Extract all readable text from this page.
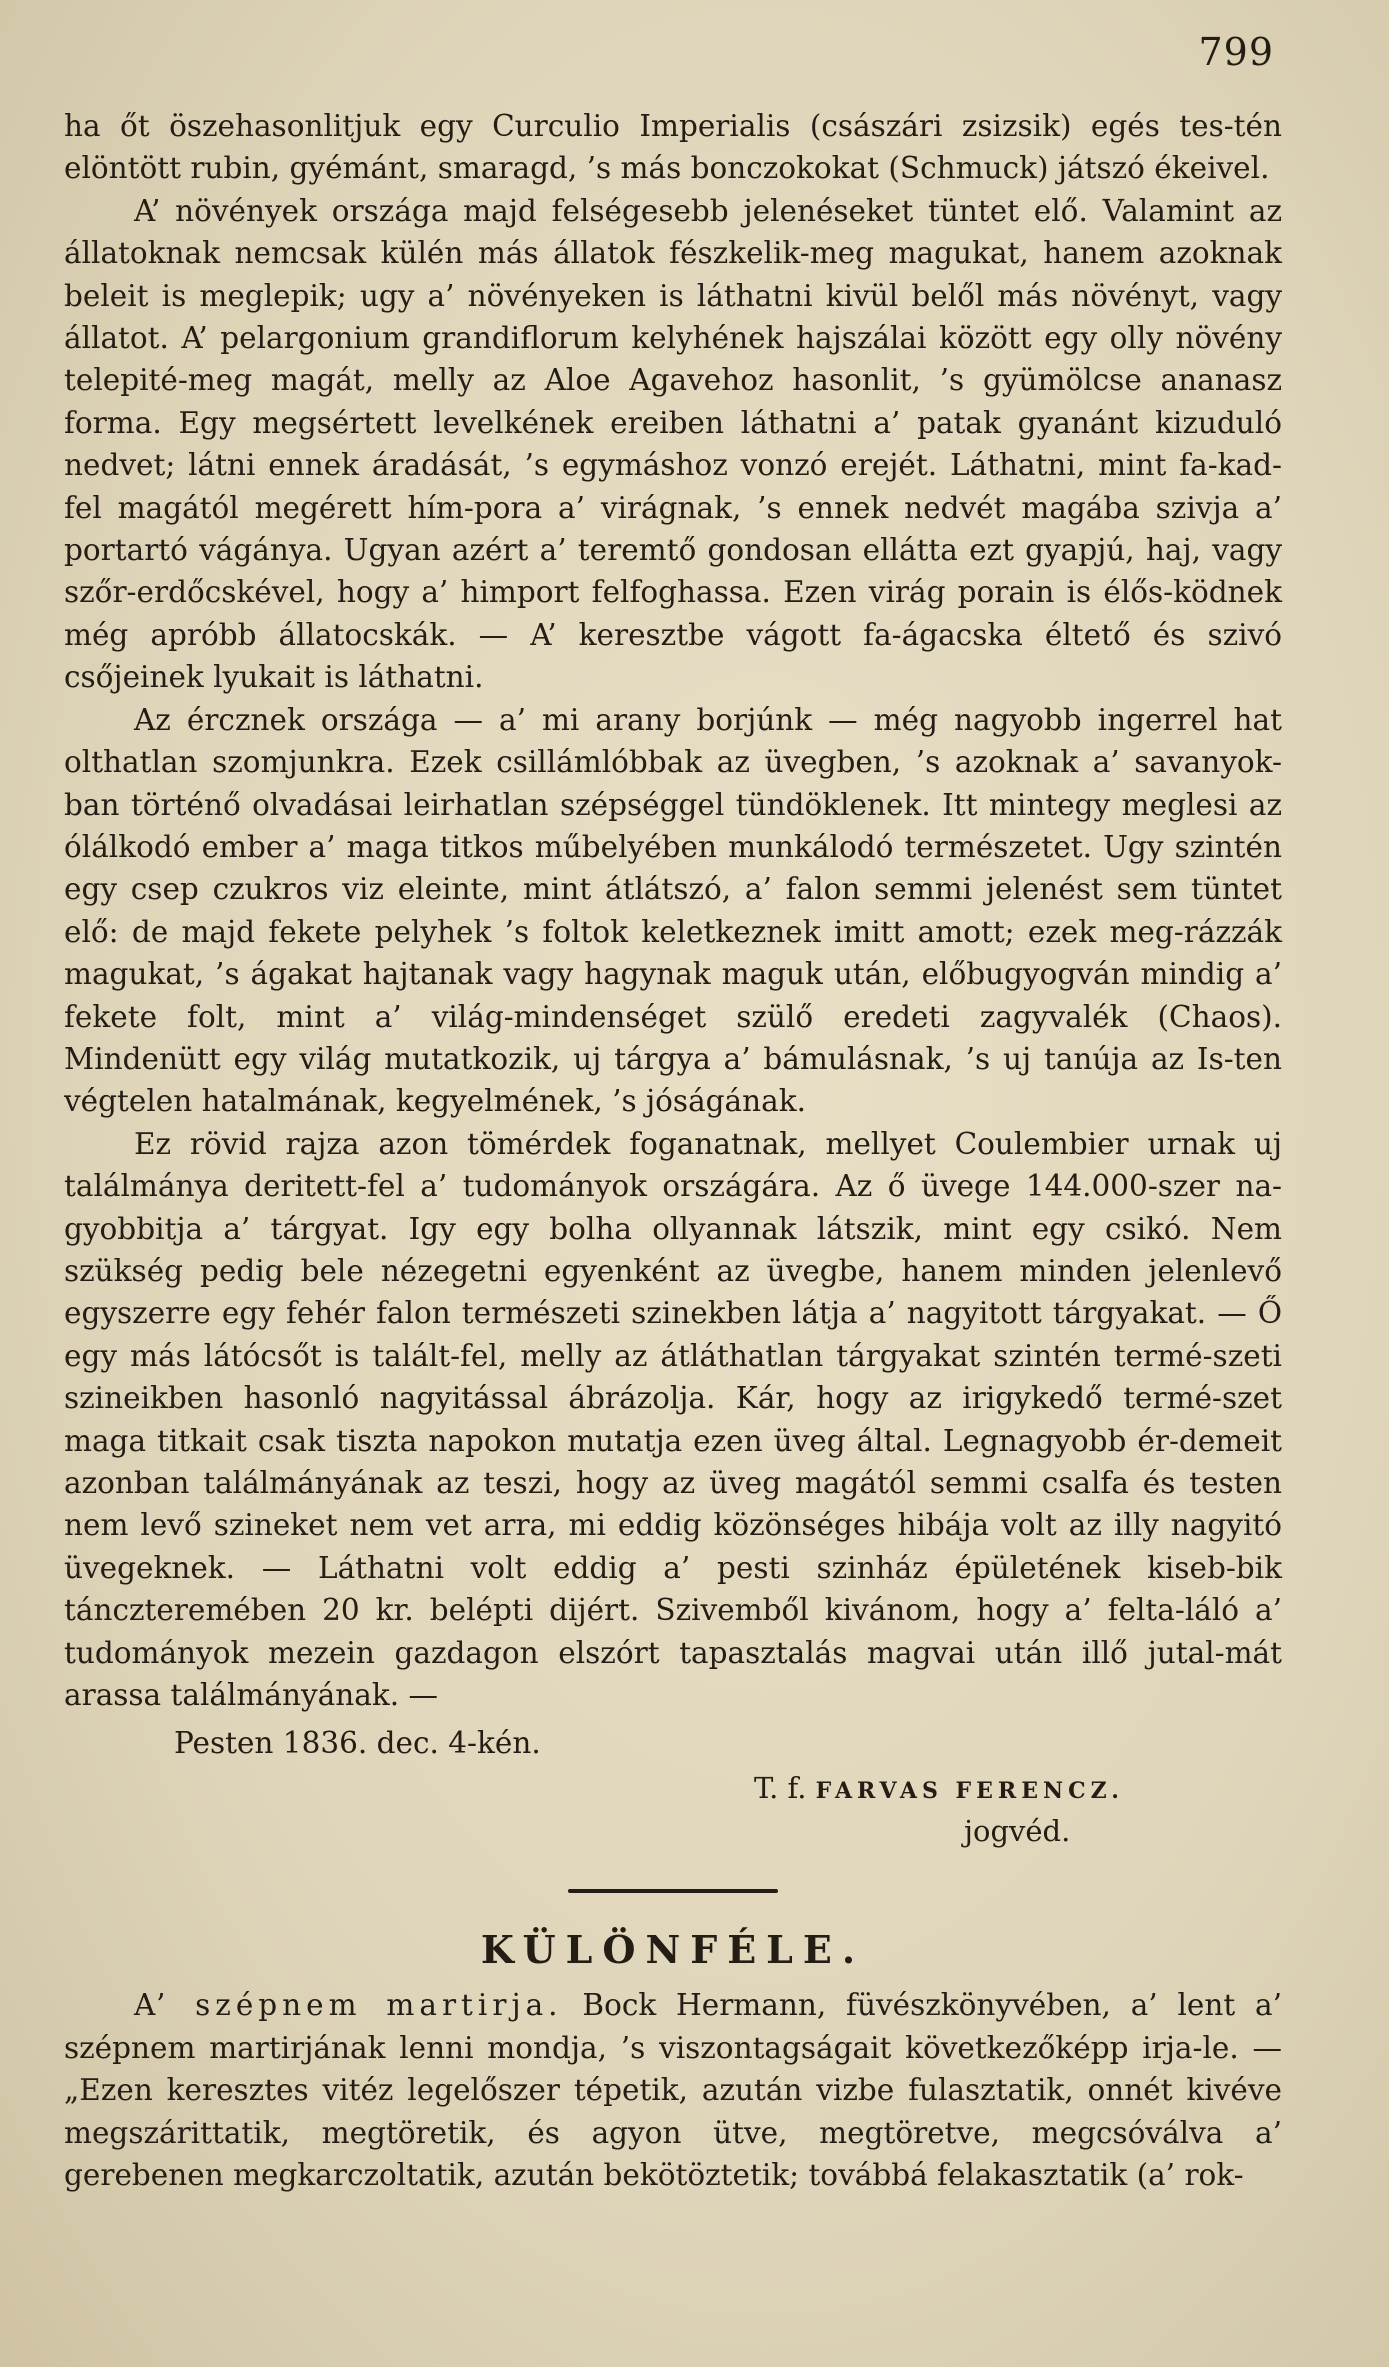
799

ha őt öszehasonlitjuk egy Curculio Imperialis (császári zsizsik) egés tes-tén elöntött rubin, gyémánt, smaragd, ’s más bonczokokat (Schmuck) játszó ékeivel.

A’ növények országa majd felségesebb jelenéseket tüntet elő. Valamint az állatoknak nemcsak külén más állatok fészkelik-meg magukat, hanem azoknak beleit is meglepik; ugy a’ növényeken is láthatni kivül belől más növényt, vagy állatot. A’ pelargonium grandiflorum kelyhének hajszálai között egy olly növény telepité-meg magát, melly az Aloe Agavehoz hasonlit, ’s gyümölcse ananasz forma. Egy megsértett levelkének ereiben láthatni a’ patak gyanánt kizuduló nedvet; látni ennek áradását, ’s egymáshoz vonzó erejét. Láthatni, mint fa-kad-fel magától megérett hím-pora a’ virágnak, ’s ennek nedvét magába szivja a’ portartó vágánya. Ugyan azért a’ teremtő gondosan ellátta ezt gyapjú, haj, vagy szőr-erdőcskével, hogy a’ himport felfoghassa. Ezen virág porain is élős-ködnek még apróbb állatocskák. — A’ keresztbe vágott fa-ágacska éltető és szivó csőjeinek lyukait is láthatni.

Az ércznek országa — a’ mi arany borjúnk — még nagyobb ingerrel hat olthatlan szomjunkra. Ezek csillámlóbbak az üvegben, ’s azoknak a’ savanyok-ban történő olvadásai leirhatlan szépséggel tündöklenek. Itt mintegy meglesi az ólálkodó ember a’ maga titkos műbelyében munkálodó természetet. Ugy szintén egy csep czukros viz eleinte, mint átlátszó, a’ falon semmi jelenést sem tüntet elő: de majd fekete pelyhek ’s foltok keletkeznek imitt amott; ezek meg-rázzák magukat, ’s ágakat hajtanak vagy hagynak maguk után, előbugyogván mindig a’ fekete folt, mint a’ világ-mindenséget szülő eredeti zagyvalék (Chaos). Mindenütt egy világ mutatkozik, uj tárgya a’ bámulásnak, ’s uj tanúja az Is-ten végtelen hatalmának, kegyelmének, ’s jóságának.

Ez rövid rajza azon tömérdek foganatnak, mellyet Coulembier urnak uj találmánya deritett-fel a’ tudományok országára. Az ő üvege 144.000-szer na-gyobbitja a’ tárgyat. Igy egy bolha ollyannak látszik, mint egy csikó. Nem szükség pedig bele nézegetni egyenként az üvegbe, hanem minden jelenlevő egyszerre egy fehér falon természeti szinekben látja a’ nagyitott tárgyakat. — Ő egy más látócsőt is talált-fel, melly az átláthatlan tárgyakat szintén termé-szeti szineikben hasonló nagyitással ábrázolja. Kár, hogy az irigykedő termé-szet maga titkait csak tiszta napokon mutatja ezen üveg által. Legnagyobb ér-demeit azonban találmányának az teszi, hogy az üveg magától semmi csalfa és testen nem levő szineket nem vet arra, mi eddig közönséges hibája volt az illy nagyitó üvegeknek. — Láthatni volt eddig a’ pesti szinház épületének kiseb-bik tánczteremében 20 kr. belépti dijért. Szivemből kivánom, hogy a’ felta-láló a’ tudományok mezein gazdagon elszórt tapasztalás magvai után illő jutal-mát arassa találmányának. —

Pesten 1836. dec. 4-kén.
T. f. FARVAS FERENCZ.
jogvéd.
KÜLÖNFÉLE.

A’ szépnem martirja. Bock Hermann, füvészkönyvében, a’ lent a’ szépnem martirjának lenni mondja, ’s viszontagságait következőképp irja-le. — „Ezen keresztes vitéz legelőszer tépetik, azután vizbe fulasztatik, onnét kivéve megszárittatik, megtöretik, és agyon ütve, megtöretve, megcsóválva a’ gerebenen megkarczoltatik, azután bekötöztetik; továbbá felakasztatik (a’ rok-
